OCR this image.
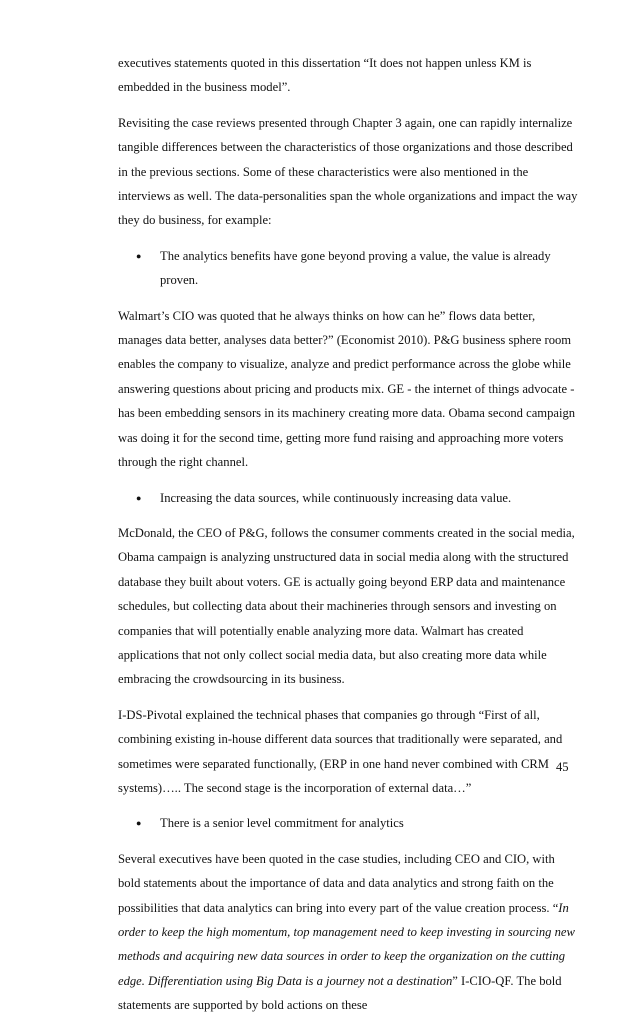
executives statements quoted in this dissertation “It does not happen unless KM is embedded in the business model”.

Revisiting the case reviews presented through Chapter 3 again, one can rapidly internalize tangible differences between the characteristics of those organizations and those described in the previous sections. Some of these characteristics were also mentioned in the interviews as well. The data-personalities span the whole organizations and impact the way they do business, for example:

●	The analytics benefits have gone beyond proving a value, the value is already proven.

Walmart’s CIO was quoted that he always thinks on how can he” flows data better, manages data better, analyses data better?” (Economist 2010). P&G business sphere room enables the company to visualize, analyze and predict performance across the globe while answering questions about pricing and products mix. GE - the internet of things advocate - has been embedding sensors in its machinery creating more data. Obama second campaign was doing it for the second time, getting more fund raising and approaching more voters through the right channel.

●	Increasing the data sources, while continuously increasing data value.

McDonald, the CEO of P&G, follows the consumer comments created in the social media, Obama campaign is analyzing unstructured data in social media along with the structured database they built about voters. GE is actually going beyond ERP data and maintenance schedules, but collecting data about their machineries through sensors and investing on companies that will potentially enable analyzing more data. Walmart has created applications that not only collect social media data, but also creating more data while embracing the crowdsourcing in its business.

I-DS-Pivotal explained the technical phases that companies go through “First of all, combining existing in-house different data sources that traditionally were separated, and sometimes were separated functionally, (ERP in one hand never combined with CRM systems)….. The second stage is the incorporation of external data…”

●	There is a senior level commitment for analytics

Several executives have been quoted in the case studies, including CEO and CIO, with bold statements about the importance of data and data analytics and strong faith on the possibilities that data analytics can bring into every part of the value creation process. “In order to keep the high momentum, top management need to keep investing in sourcing new methods and acquiring new data sources in order to keep the organization on the cutting edge. Differentiation using Big Data is a journey not a destination” I-CIO-QF. The bold statements are supported by bold actions on these

45
